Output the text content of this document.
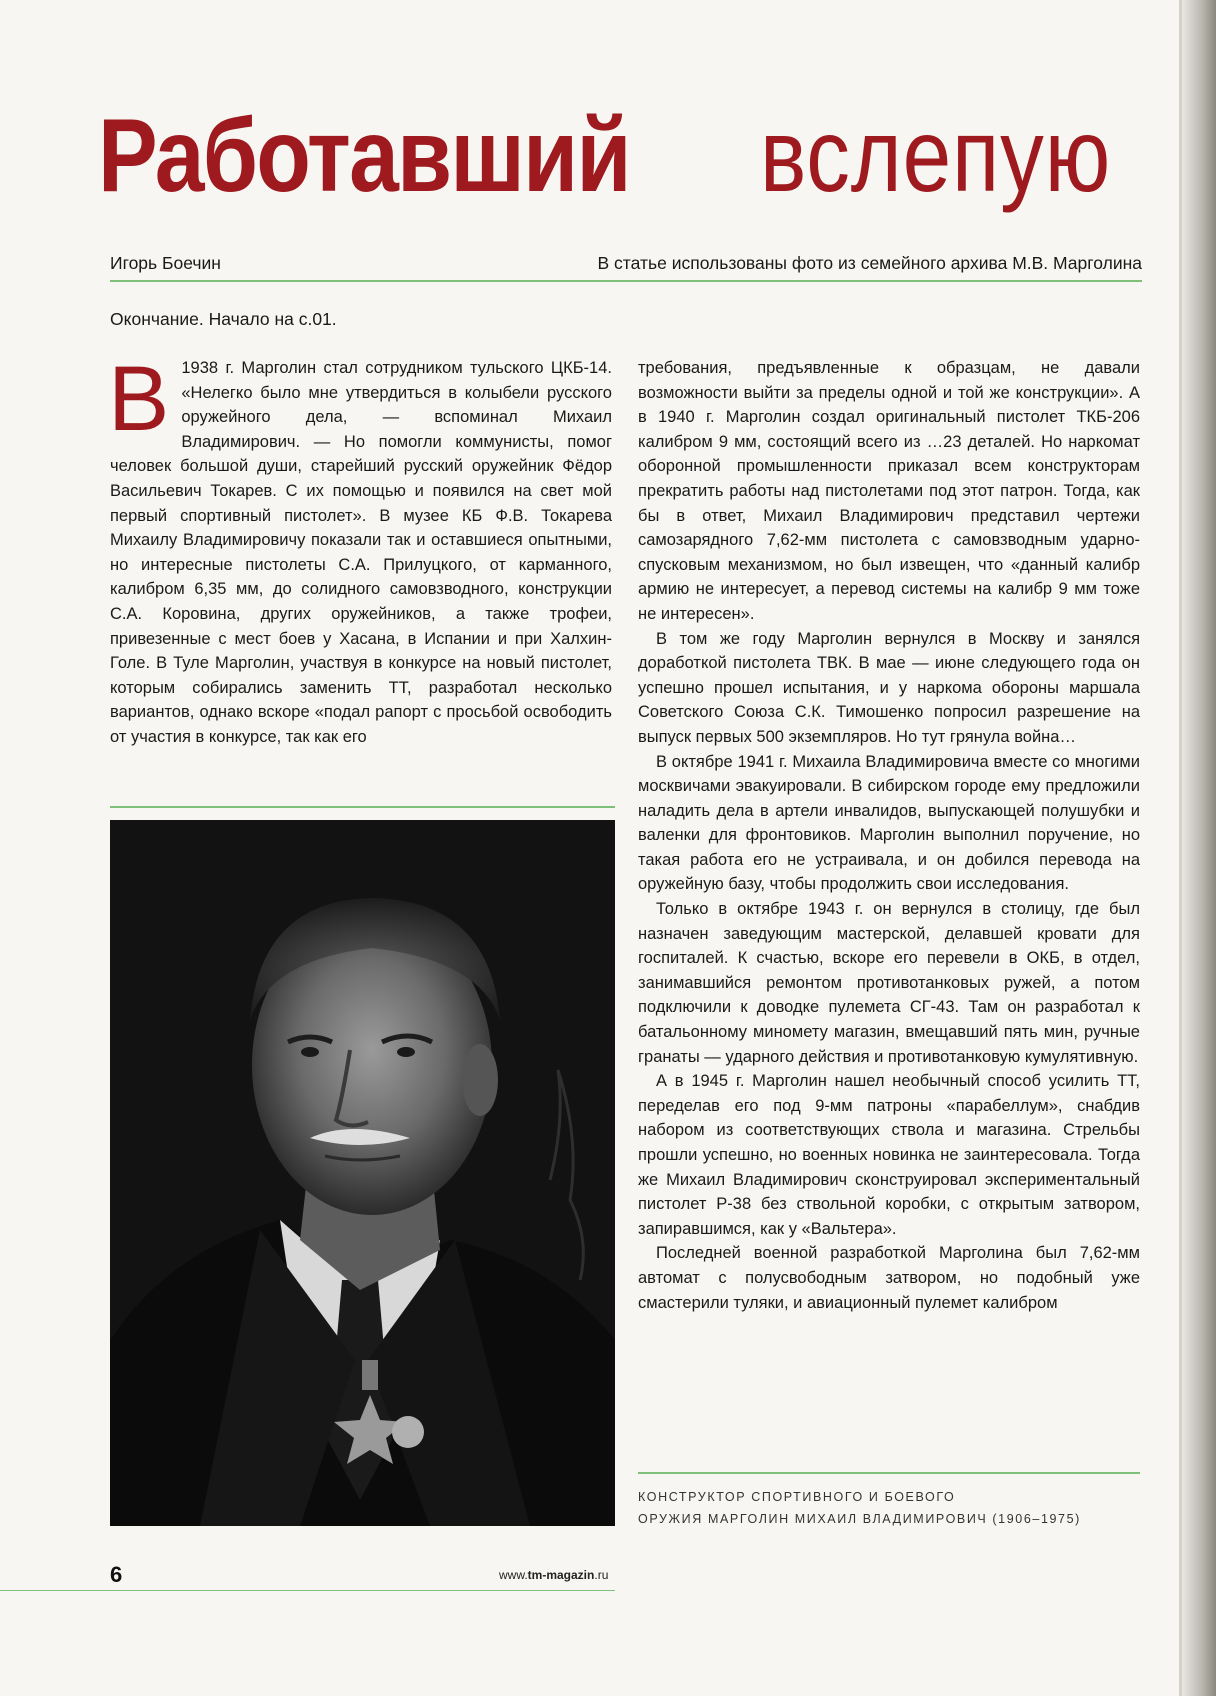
Работавший вслепую
Игорь Боечин	В статье использованы фото из семейного архива М.В. Марголина
Окончание. Начало на с.01.

В 1938 г. Марголин стал сотрудником тульского ЦКБ-14. «Нелегко было мне утвердиться в колыбели русского оружейного дела, — вспоминал Михаил Владимирович. — Но помогли коммунисты, помог человек большой души, старейший русский оружейник Фёдор Васильевич Токарев. С их помощью и появился на свет мой первый спортивный пистолет». В музее КБ Ф.В. Токарева Михаилу Владимировичу показали так и оставшиеся опытными, но интересные пистолеты С.А. Прилуцкого, от карманного, калибром 6,35 мм, до солидного самовзводного, конструкции С.А. Коровина, других оружейников, а также трофеи, привезенные с мест боев у Хасана, в Испании и при Халхин-Голе. В Туле Марголин, участвуя в конкурсе на новый пистолет, которым собирались заменить ТТ, разработал несколько вариантов, однако вскоре «подал рапорт с просьбой освободить от участия в конкурсе, так как его

требования, предъявленные к образцам, не давали возможности выйти за пределы одной и той же конструкции». А в 1940 г. Марголин создал оригинальный пистолет ТКБ-206 калибром 9 мм, состоящий всего из …23 деталей. Но наркомат оборонной промышленности приказал всем конструкторам прекратить работы над пистолетами под этот патрон. Тогда, как бы в ответ, Михаил Владимирович представил чертежи самозарядного 7,62-мм пистолета с самовзводным ударно-спусковым механизмом, но был извещен, что «данный калибр армию не интересует, а перевод системы на калибр 9 мм тоже не интересен».

В том же году Марголин вернулся в Москву и занялся доработкой пистолета ТВК. В мае — июне следующего года он успешно прошел испытания, и у наркома обороны маршала Советского Союза С.К. Тимошенко попросил разрешение на выпуск первых 500 экземпляров. Но тут грянула война…

В октябре 1941 г. Михаила Владимировича вместе со многими москвичами эвакуировали. В сибирском городе ему предложили наладить дела в артели инвалидов, выпускающей полушубки и валенки для фронтовиков. Марголин выполнил поручение, но такая работа его не устраивала, и он добился перевода на оружейную базу, чтобы продолжить свои исследования.

Только в октябре 1943 г. он вернулся в столицу, где был назначен заведующим мастерской, делавшей кровати для госпиталей. К счастью, вскоре его перевели в ОКБ, в отдел, занимавшийся ремонтом противотанковых ружей, а потом подключили к доводке пулемета СГ-43. Там он разработал к батальонному миномету магазин, вмещавший пять мин, ручные гранаты — ударного действия и противотанковую кумулятивную.

А в 1945 г. Марголин нашел необычный способ усилить ТТ, переделав его под 9-мм патроны «парабеллум», снабдив набором из соответствующих ствола и магазина. Стрельбы прошли успешно, но военных новинка не заинтересовала. Тогда же Михаил Владимирович сконструировал экспериментальный пистолет Р-38 без ствольной коробки, с открытым затвором, запиравшимся, как у «Вальтера».

Последней военной разработкой Марголина был 7,62-мм автомат с полусвободным затвором, но подобный уже смастерили туляки, и авиационный пулемет калибром

КОНСТРУКТОР СПОРТИВНОГО И БОЕВОГО
ОРУЖИЯ МАРГОЛИН МИХАИЛ ВЛАДИМИРОВИЧ (1906–1975)
6	www.tm-magazin.ru
